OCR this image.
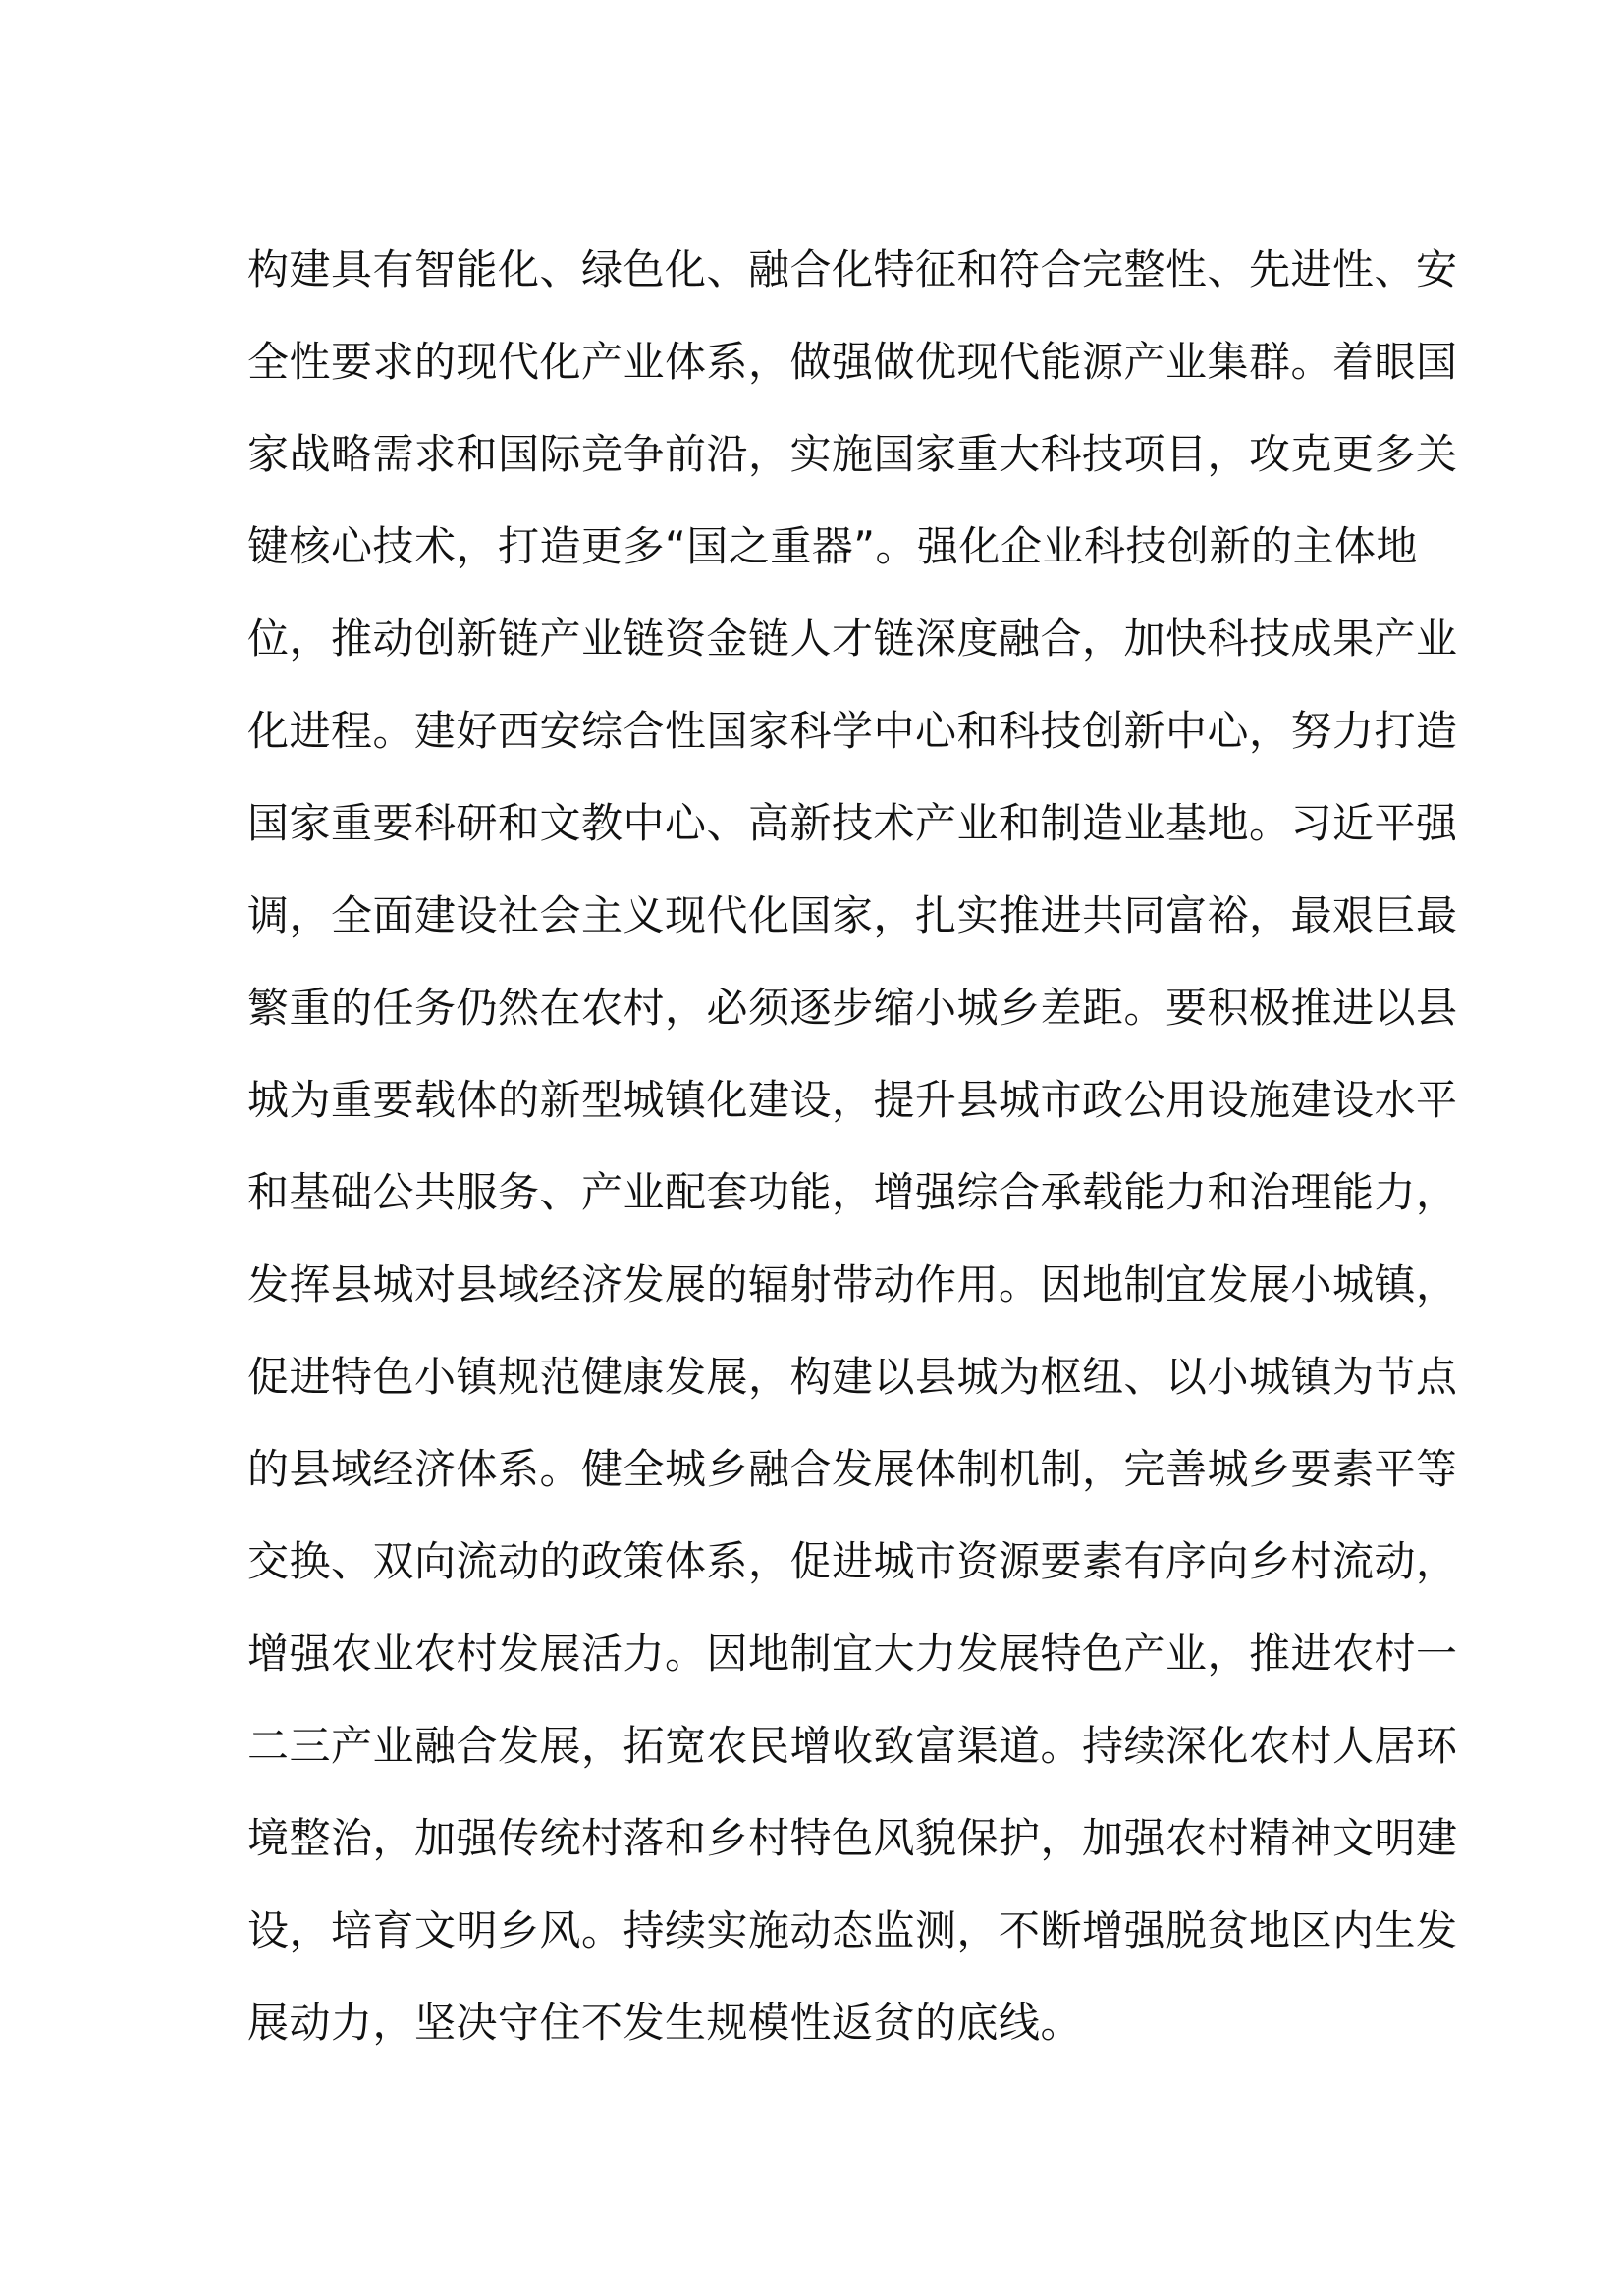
构建具有智能化、绿色化、融合化特征和符合完整性、先进性、安
全性要求的现代化产业体系，做强做优现代能源产业集群。着眼国
家战略需求和国际竞争前沿，实施国家重大科技项目，攻克更多关
键核心技术，打造更多“国之重器”。强化企业科技创新的主体地
位，推动创新链产业链资金链人才链深度融合，加快科技成果产业
化进程。建好西安综合性国家科学中心和科技创新中心，努力打造
国家重要科研和文教中心、高新技术产业和制造业基地。习近平强
调，全面建设社会主义现代化国家，扎实推进共同富裕，最艰巨最
繁重的任务仍然在农村，必须逐步缩小城乡差距。要积极推进以县
城为重要载体的新型城镇化建设，提升县城市政公用设施建设水平
和基础公共服务、产业配套功能，增强综合承载能力和治理能力，
发挥县城对县域经济发展的辐射带动作用。因地制宜发展小城镇，
促进特色小镇规范健康发展，构建以县城为枢纽、以小城镇为节点
的县域经济体系。健全城乡融合发展体制机制，完善城乡要素平等
交换、双向流动的政策体系，促进城市资源要素有序向乡村流动，
增强农业农村发展活力。因地制宜大力发展特色产业，推进农村一
二三产业融合发展，拓宽农民增收致富渠道。持续深化农村人居环
境整治，加强传统村落和乡村特色风貌保护，加强农村精神文明建
设，培育文明乡风。持续实施动态监测，不断增强脱贫地区内生发
展动力，坚决守住不发生规模性返贫的底线。
